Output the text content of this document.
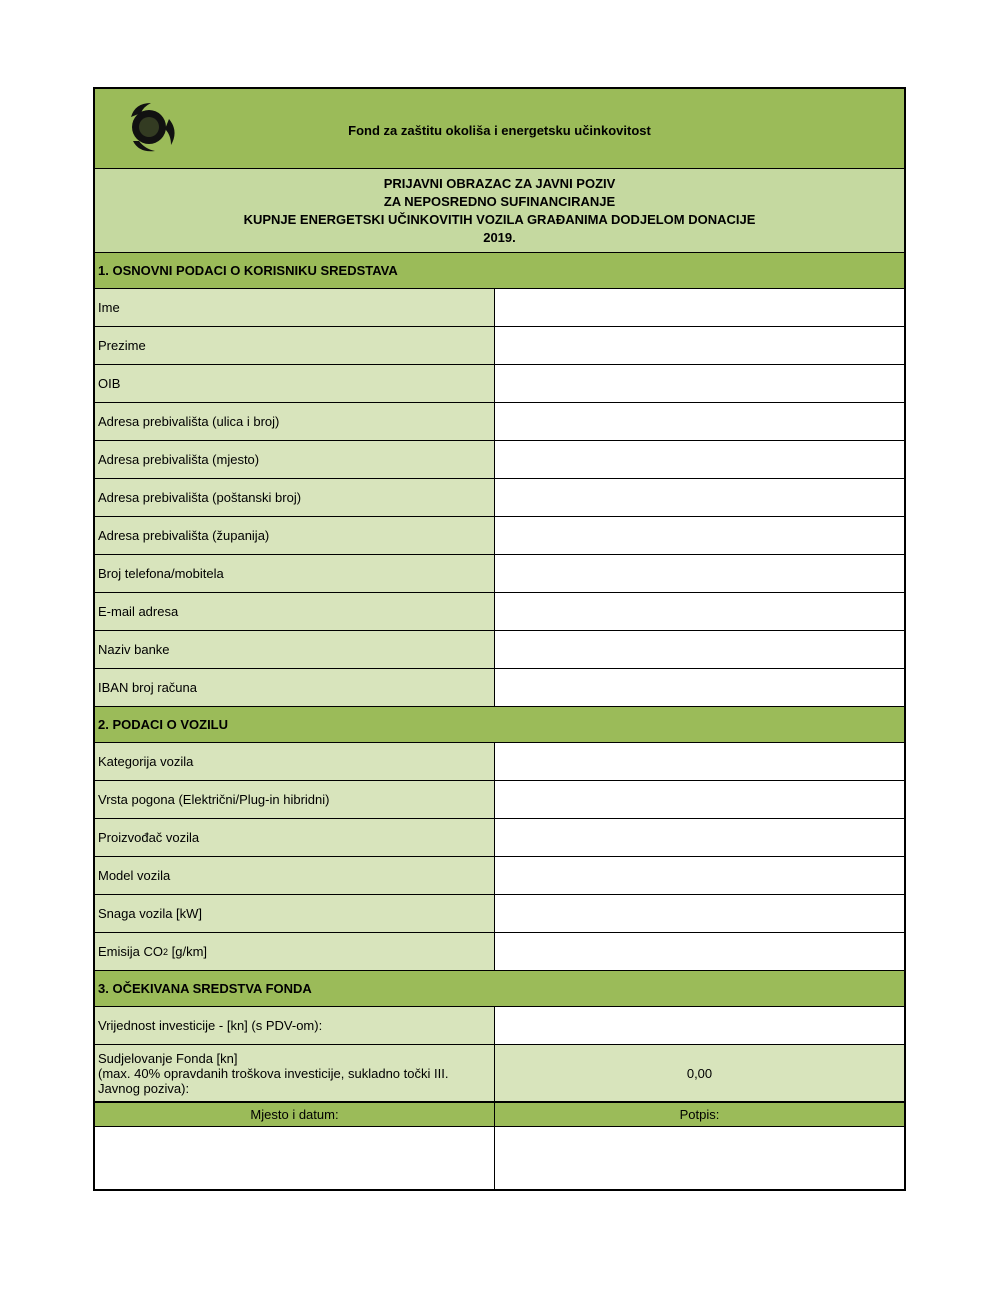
Fond za zaštitu okoliša i energetsku učinkovitost
PRIJAVNI OBRAZAC ZA JAVNI POZIV
ZA NEPOSREDNO SUFINANCIRANJE
KUPNJE ENERGETSKI UČINKOVITIH VOZILA GRAĐANIMA DODJELOM DONACIJE
2019.
1. OSNOVNI PODACI O KORISNIKU SREDSTAVA
Ime
Prezime
OIB
Adresa prebivališta (ulica i broj)
Adresa prebivališta (mjesto)
Adresa prebivališta (poštanski broj)
Adresa prebivališta (županija)
Broj telefona/mobitela
E-mail adresa
Naziv banke
IBAN broj računa
2. PODACI O VOZILU
Kategorija vozila
Vrsta pogona (Električni/Plug-in hibridni)
Proizvođač vozila
Model vozila
Snaga vozila [kW]
Emisija CO 2 [g/km]
3. OČEKIVANA SREDSTVA FONDA
Vrijednost investicije - [kn] (s PDV-om):
Sudjelovanje Fonda [kn]
(max. 40% opravdanih troškova investicije, sukladno točki III.
Javnog poziva):
0,00
Mjesto i datum:	Potpis:
